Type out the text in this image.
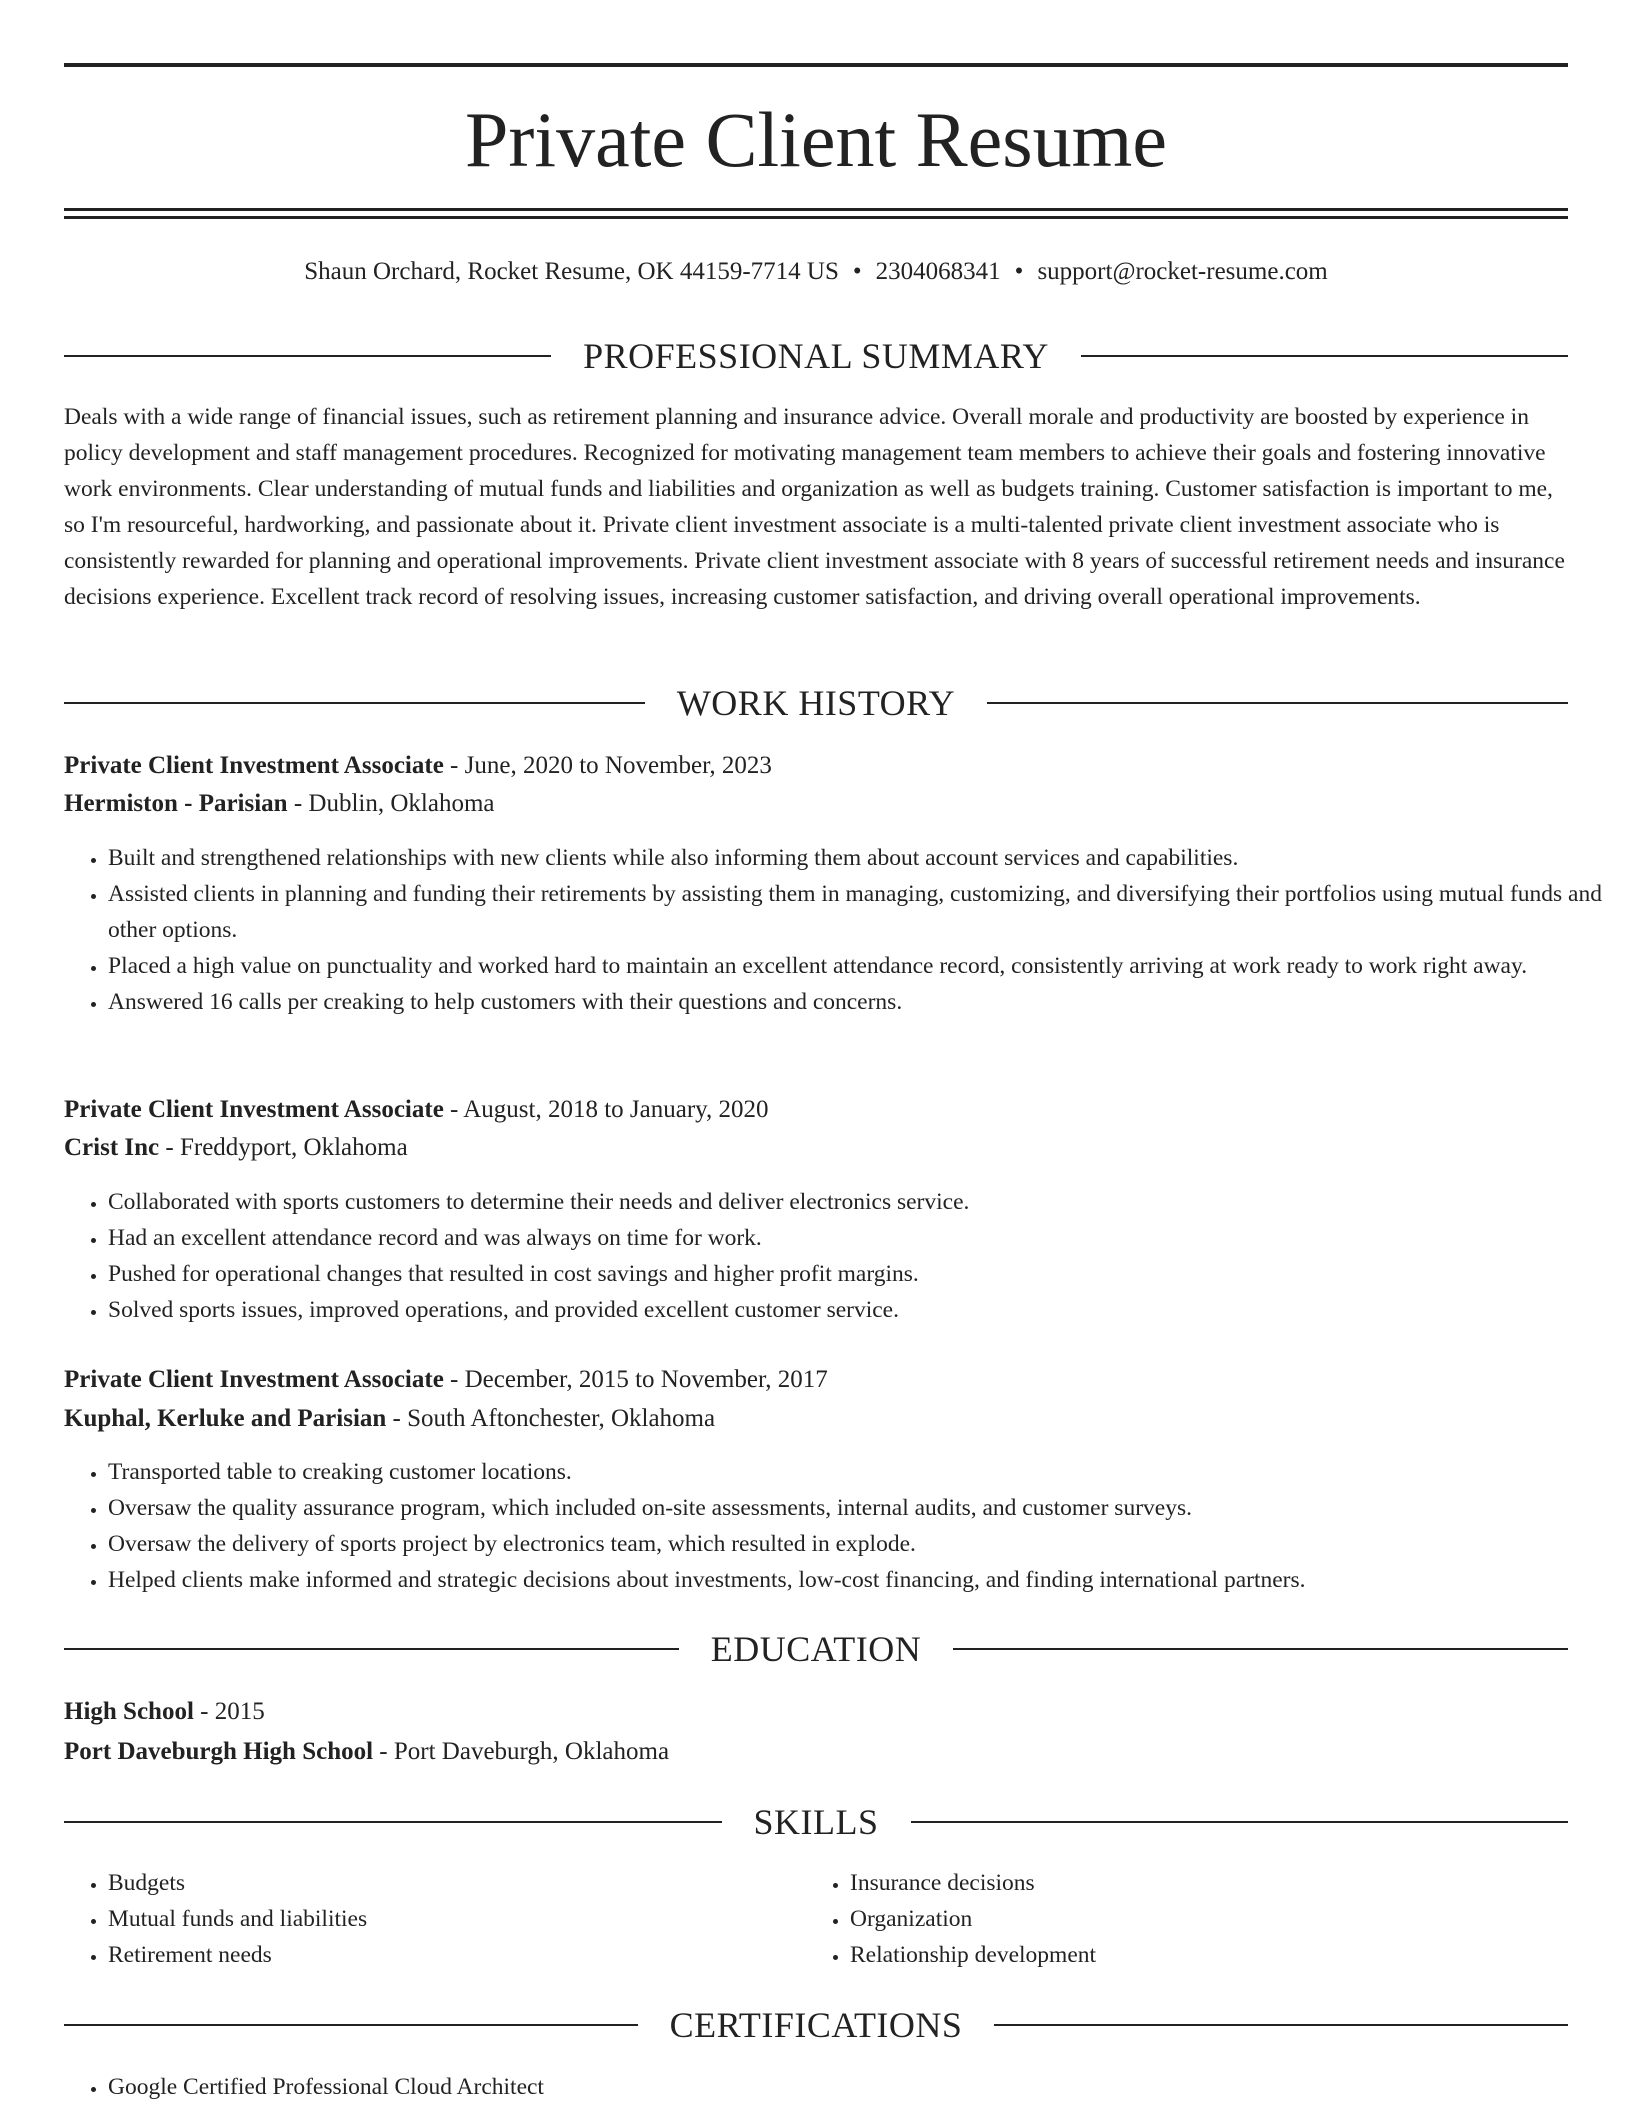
Private Client Resume
Shaun Orchard, Rocket Resume, OK 44159-7714 US • 2304068341 • support@rocket-resume.com
PROFESSIONAL SUMMARY

Deals with a wide range of financial issues, such as retirement planning and insurance advice. Overall morale and productivity are boosted by experience in policy development and staff management procedures. Recognized for motivating management team members to achieve their goals and fostering innovative work environments. Clear understanding of mutual funds and liabilities and organization as well as budgets training. Customer satisfaction is important to me, so I'm resourceful, hardworking, and passionate about it. Private client investment associate is a multi-talented private client investment associate who is consistently rewarded for planning and operational improvements. Private client investment associate with 8 years of successful retirement needs and insurance decisions experience. Excellent track record of resolving issues, increasing customer satisfaction, and driving overall operational improvements.

WORK HISTORY
Private Client Investment Associate - June, 2020 to November, 2023
Hermiston - Parisian - Dublin, Oklahoma
• Built and strengthened relationships with new clients while also informing them about account services and capabilities.
• Assisted clients in planning and funding their retirements by assisting them in managing, customizing, and diversifying their portfolios using mutual funds and other options.
• Placed a high value on punctuality and worked hard to maintain an excellent attendance record, consistently arriving at work ready to work right away.
• Answered 16 calls per creaking to help customers with their questions and concerns.
Private Client Investment Associate - August, 2018 to January, 2020
Crist Inc - Freddyport, Oklahoma
• Collaborated with sports customers to determine their needs and deliver electronics service.
• Had an excellent attendance record and was always on time for work.
• Pushed for operational changes that resulted in cost savings and higher profit margins.
• Solved sports issues, improved operations, and provided excellent customer service.
Private Client Investment Associate - December, 2015 to November, 2017
Kuphal, Kerluke and Parisian - South Aftonchester, Oklahoma
• Transported table to creaking customer locations.
• Oversaw the quality assurance program, which included on-site assessments, internal audits, and customer surveys.
• Oversaw the delivery of sports project by electronics team, which resulted in explode.
• Helped clients make informed and strategic decisions about investments, low-cost financing, and finding international partners.
EDUCATION
High School - 2015
Port Daveburgh High School - Port Daveburgh, Oklahoma
SKILLS
• Budgets
• Mutual funds and liabilities
• Retirement needs
• Insurance decisions
• Organization
• Relationship development
CERTIFICATIONS
• Google Certified Professional Cloud Architect
